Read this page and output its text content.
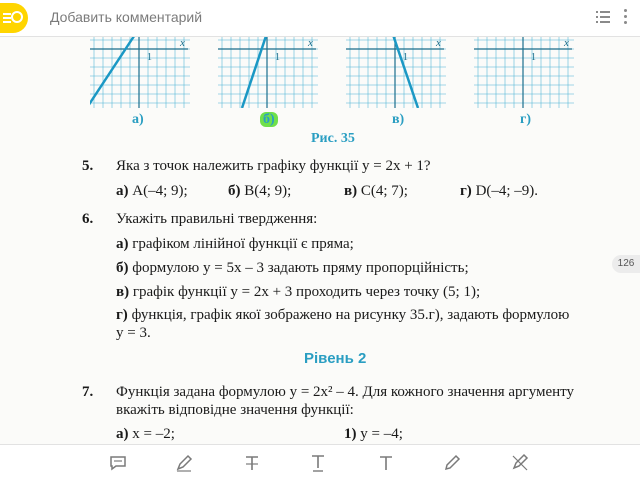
Добавить комментарий
x
1
x
1
x
1
x
1
а)	б)	в)	г)
Рис. 35
5. Яка з точок належить графіку функції y = 2x + 1?
а) A(–4; 9);	б) B(4; 9);	в) C(4; 7);	г) D(–4; –9).
6. Укажіть правильні твердження:
а) графіком лінійної функції є пряма;
б) формулою y = 5x – 3 задають пряму пропорційність;
в) графік функції y = 2x + 3 проходить через точку (5; 1);
г) функція, графік якої зображено на рисунку 35.г), задають формулою
y = 3.
Рівень 2
7. Функція задана формулою y = 2x² – 4. Для кожного значення аргументу
вкажіть відповідне значення функції:
а) x = –2;	1) y = –4;
126
